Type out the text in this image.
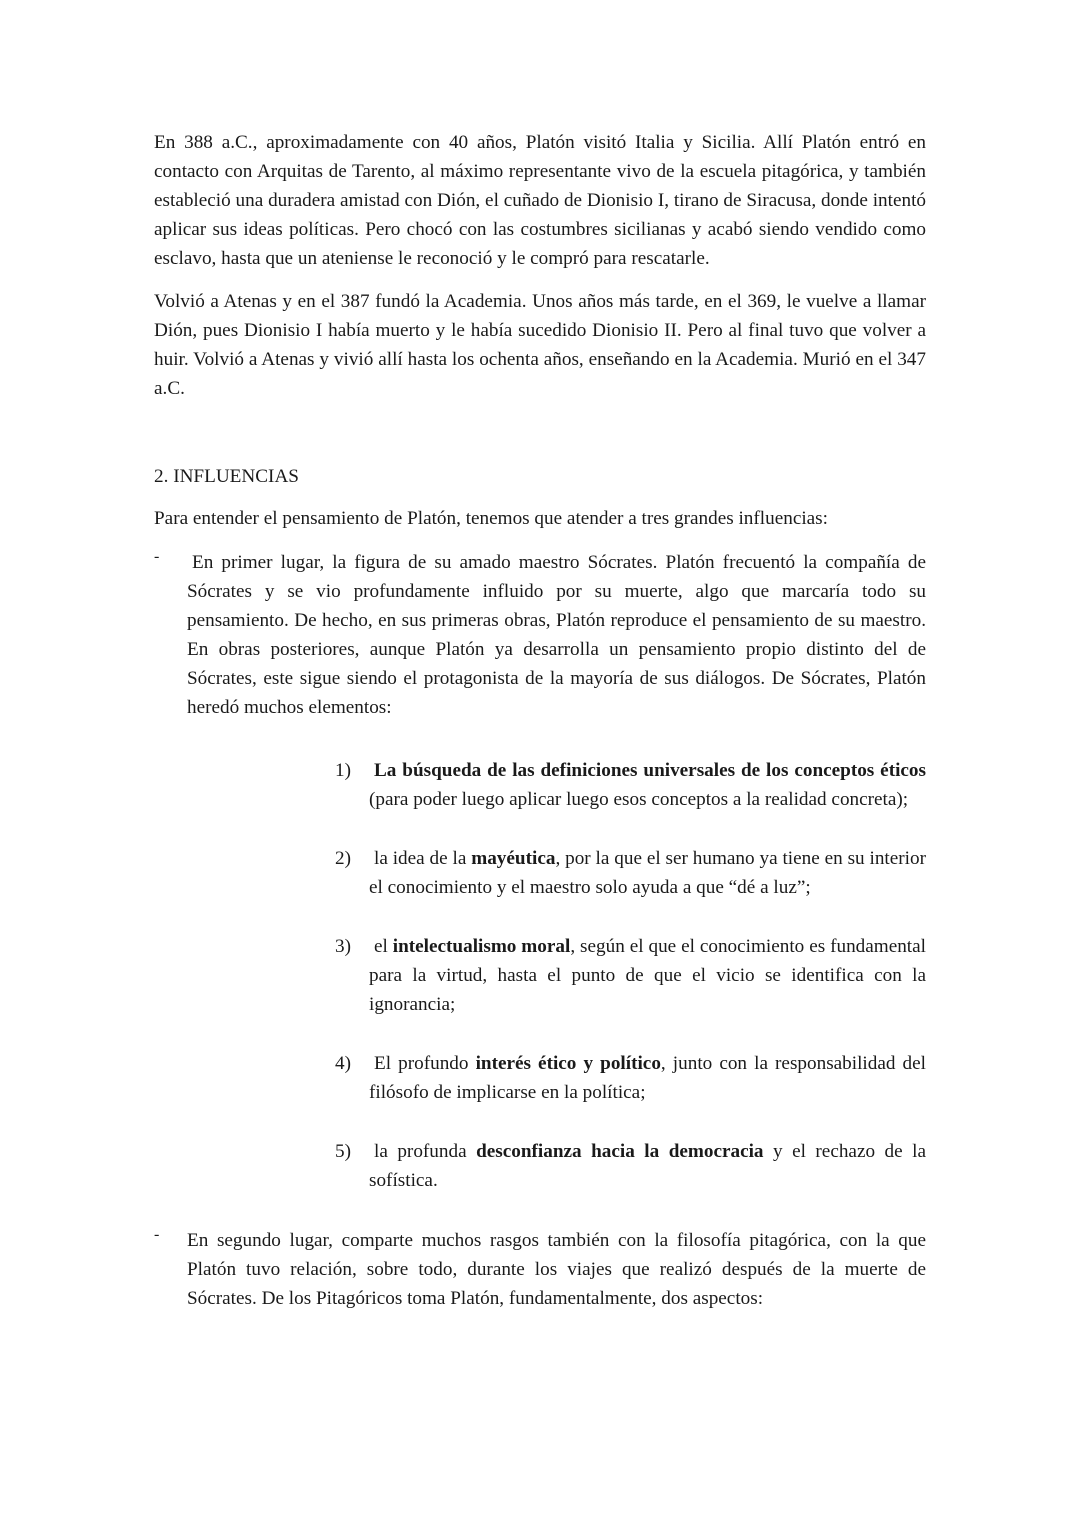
En 388 a.C., aproximadamente con 40 años, Platón visitó Italia y Sicilia. Allí Platón entró en contacto con Arquitas de Tarento, al máximo representante vivo de la escuela pitagórica, y también estableció una duradera amistad con Dión, el cuñado de Dionisio I, tirano de Siracusa, donde intentó aplicar sus ideas políticas. Pero chocó con las costumbres sicilianas y acabó siendo vendido como esclavo, hasta que un ateniense le reconoció y le compró para rescatarle.

Volvió a Atenas y en el 387 fundó la Academia. Unos años más tarde, en el 369, le vuelve a llamar Dión, pues Dionisio I había muerto y le había sucedido Dionisio II. Pero al final tuvo que volver a huir. Volvió a Atenas y vivió allí hasta los ochenta años, enseñando en la Academia. Murió en el 347 a.C.

2. INFLUENCIAS

Para entender el pensamiento de Platón, tenemos que atender a tres grandes influencias:

- En primer lugar, la figura de su amado maestro Sócrates. Platón frecuentó la compañía de Sócrates y se vio profundamente influido por su muerte, algo que marcaría todo su pensamiento. De hecho, en sus primeras obras, Platón reproduce el pensamiento de su maestro. En obras posteriores, aunque Platón ya desarrolla un pensamiento propio distinto del de Sócrates, este sigue siendo el protagonista de la mayoría de sus diálogos. De Sócrates, Platón heredó muchos elementos:

1) La búsqueda de las definiciones universales de los conceptos éticos (para poder luego aplicar luego esos conceptos a la realidad concreta);

2) la idea de la mayéutica, por la que el ser humano ya tiene en su interior el conocimiento y el maestro solo ayuda a que “dé a luz”;

3) el intelectualismo moral, según el que el conocimiento es fundamental para la virtud, hasta el punto de que el vicio se identifica con la ignorancia;

4) El profundo interés ético y político, junto con la responsabilidad del filósofo de implicarse en la política;

5) la profunda desconfianza hacia la democracia y el rechazo de la sofística.

- En segundo lugar, comparte muchos rasgos también con la filosofía pitagórica, con la que Platón tuvo relación, sobre todo, durante los viajes que realizó después de la muerte de Sócrates. De los Pitagóricos toma Platón, fundamentalmente, dos aspectos:
